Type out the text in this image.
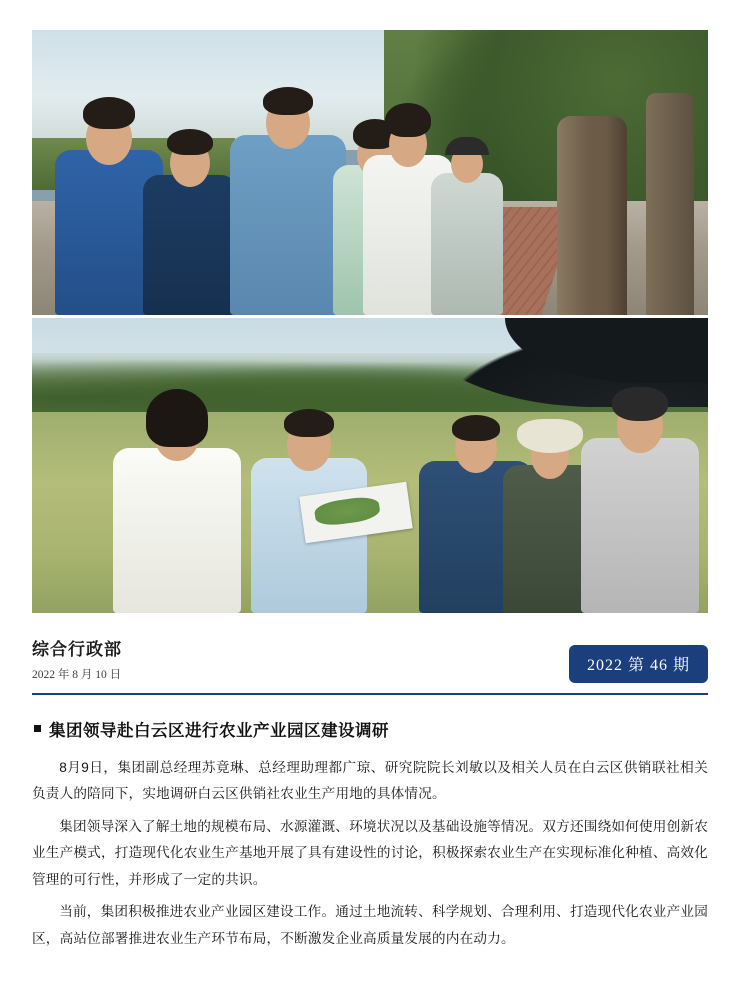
综合行政部
2022 年 8 月 10 日
2022 第 46 期
集团领导赴白云区进行农业产业园区建设调研

8月9日，集团副总经理苏竟琳、总经理助理都广琼、研究院院长刘敏以及相关人员在白云区供销联社相关负责人的陪同下，实地调研白云区供销社农业生产用地的具体情况。

集团领导深入了解土地的规模布局、水源灌溉、环境状况以及基础设施等情况。双方还围绕如何使用创新农业生产模式，打造现代化农业生产基地开展了具有建设性的讨论，积极探索农业生产在实现标准化种植、高效化管理的可行性，并形成了一定的共识。

当前，集团积极推进农业产业园区建设工作。通过土地流转、科学规划、合理利用、打造现代化农业产业园区，高站位部署推进农业生产环节布局，不断激发企业高质量发展的内在动力。
